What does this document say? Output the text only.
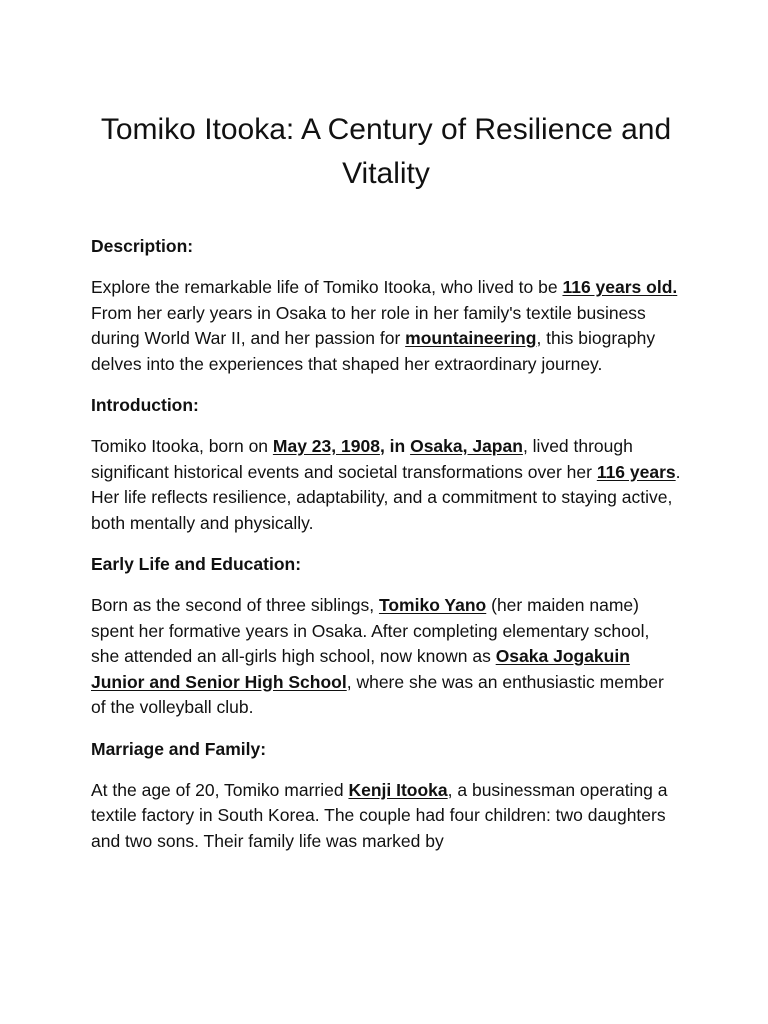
Tomiko Itooka: A Century of Resilience and Vitality
Description:

Explore the remarkable life of Tomiko Itooka, who lived to be 116 years old. From her early years in Osaka to her role in her family's textile business during World War II, and her passion for mountaineering, this biography delves into the experiences that shaped her extraordinary journey.

Introduction:

Tomiko Itooka, born on May 23, 1908, in Osaka, Japan, lived through significant historical events and societal transformations over her 116 years. Her life reflects resilience, adaptability, and a commitment to staying active, both mentally and physically.

Early Life and Education:

Born as the second of three siblings, Tomiko Yano (her maiden name) spent her formative years in Osaka. After completing elementary school, she attended an all-girls high school, now known as Osaka Jogakuin Junior and Senior High School, where she was an enthusiastic member of the volleyball club.

Marriage and Family:

At the age of 20, Tomiko married Kenji Itooka, a businessman operating a textile factory in South Korea. The couple had four children: two daughters and two sons. Their family life was marked by
